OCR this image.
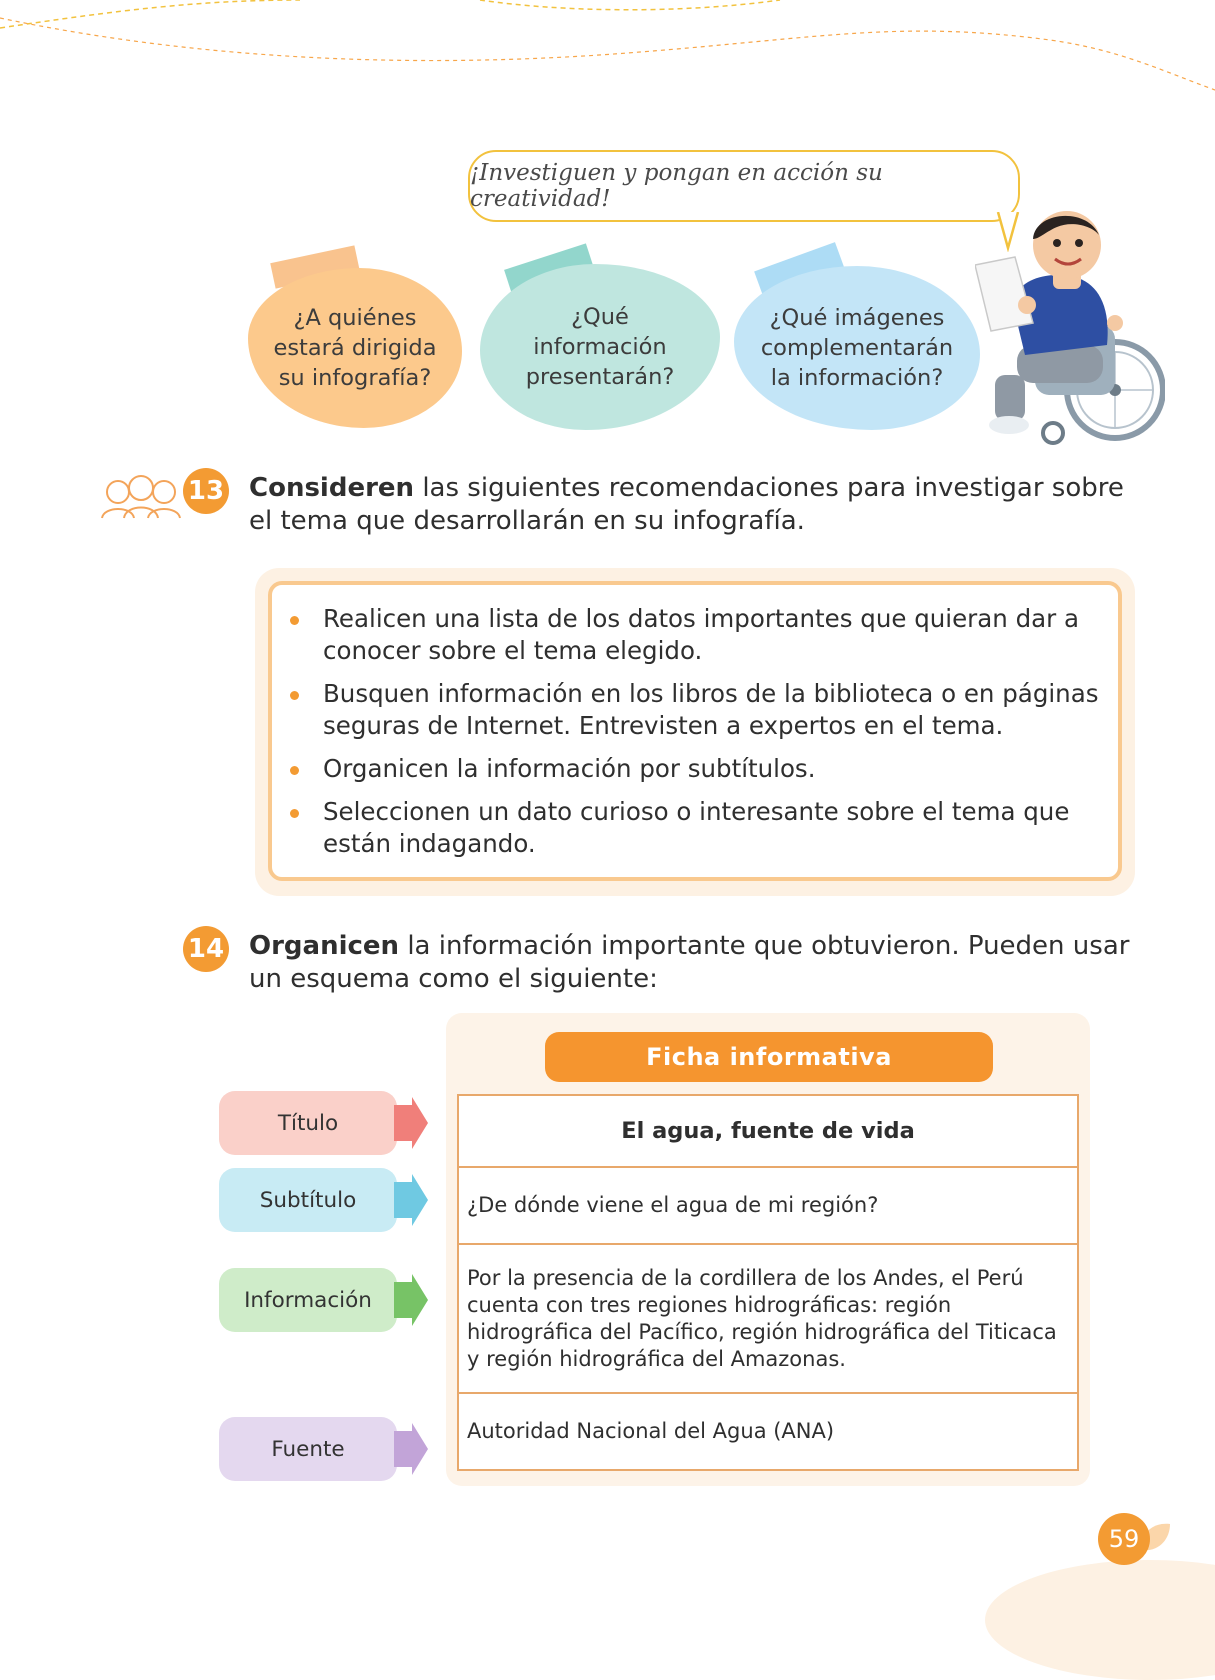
¡Investiguen y pongan en acción su creatividad!
¿A quiénes
estará dirigida
su infografía?
¿Qué
información
presentarán?
¿Qué imágenes
complementarán
la información?
13 Consideren las siguientes recomendaciones para investigar sobre el tema que desarrollarán en su infografía.
Realicen una lista de los datos importantes que quieran dar a conocer sobre el tema elegido.
Busquen información en los libros de la biblioteca o en páginas seguras de Internet. Entrevisten a expertos en el tema.
Organicen la información por subtítulos.
Seleccionen un dato curioso o interesante sobre el tema que están indagando.
14 Organicen la información importante que obtuvieron. Pueden usar un esquema como el siguiente:
Ficha informativa
El agua, fuente de vida
¿De dónde viene el agua de mi región?
Por la presencia de la cordillera de los Andes, el Perú cuenta con tres regiones hidrográficas: región hidrográfica del Pacífico, región hidrográfica del Titicaca y región hidrográfica del Amazonas.
Autoridad Nacional del Agua (ANA)
Título
Subtítulo
Información
Fuente
59
